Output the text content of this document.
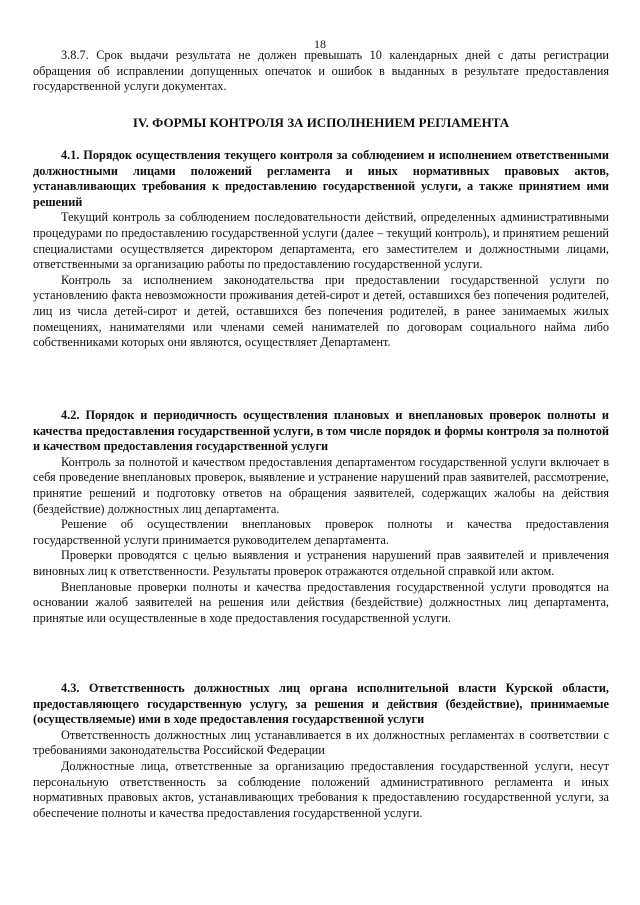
18

3.8.7. Срок выдачи результата не должен превышать 10 календарных дней с даты регистрации обращения об исправлении допущенных опечаток и ошибок в выданных в результате предоставления государственной услуги документах.

IV. ФОРМЫ КОНТРОЛЯ ЗА ИСПОЛНЕНИЕМ РЕГЛАМЕНТА

4.1. Порядок осуществления текущего контроля за соблюдением и исполнением ответственными должностными лицами положений регламента и иных нормативных правовых актов, устанавливающих требования к предоставлению государственной услуги, а также принятием ими решений

Текущий контроль за соблюдением последовательности действий, определенных административными процедурами по предоставлению государственной услуги (далее – текущий контроль), и принятием решений специалистами осуществляется директором департамента, его заместителем и должностными лицами, ответственными за организацию работы по предоставлению государственной услуги.

Контроль за исполнением законодательства при предоставлении государственной услуги по установлению факта невозможности проживания детей-сирот и детей, оставшихся без попечения родителей, лиц из числа детей-сирот и детей, оставшихся без попечения родителей, в ранее занимаемых жилых помещениях, нанимателями или членами семей нанимателей по договорам социального найма либо собственниками которых они являются, осуществляет Департамент.

4.2. Порядок и периодичность осуществления плановых и внеплановых проверок полноты и качества предоставления государственной услуги, в том числе порядок и формы контроля за полнотой и качеством предоставления государственной услуги

Контроль за полнотой и качеством предоставления департаментом государственной услуги включает в себя проведение внеплановых проверок, выявление и устранение нарушений прав заявителей, рассмотрение, принятие решений и подготовку ответов на обращения заявителей, содержащих жалобы на действия (бездействие) должностных лиц департамента.

Решение об осуществлении внеплановых проверок полноты и качества предоставления государственной услуги принимается руководителем департамента.

Проверки проводятся с целью выявления и устранения нарушений прав заявителей и привлечения виновных лиц к ответственности. Результаты проверок отражаются отдельной справкой или актом.

Внеплановые проверки полноты и качества предоставления государственной услуги проводятся на основании жалоб заявителей на решения или действия (бездействие) должностных лиц департамента, принятые или осуществленные в ходе предоставления государственной услуги.

4.3. Ответственность должностных лиц органа исполнительной власти Курской области, предоставляющего государственную услугу, за решения и действия (бездействие), принимаемые (осуществляемые) ими в ходе предоставления государственной услуги

Ответственность должностных лиц устанавливается в их должностных регламентах в соответствии с требованиями законодательства Российской Федерации

Должностные лица, ответственные за организацию предоставления государственной услуги, несут персональную ответственность за соблюдение положений административного регламента и иных нормативных правовых актов, устанавливающих требования к предоставлению государственной услуги, за обеспечение полноты и качества предоставления государственной услуги.
